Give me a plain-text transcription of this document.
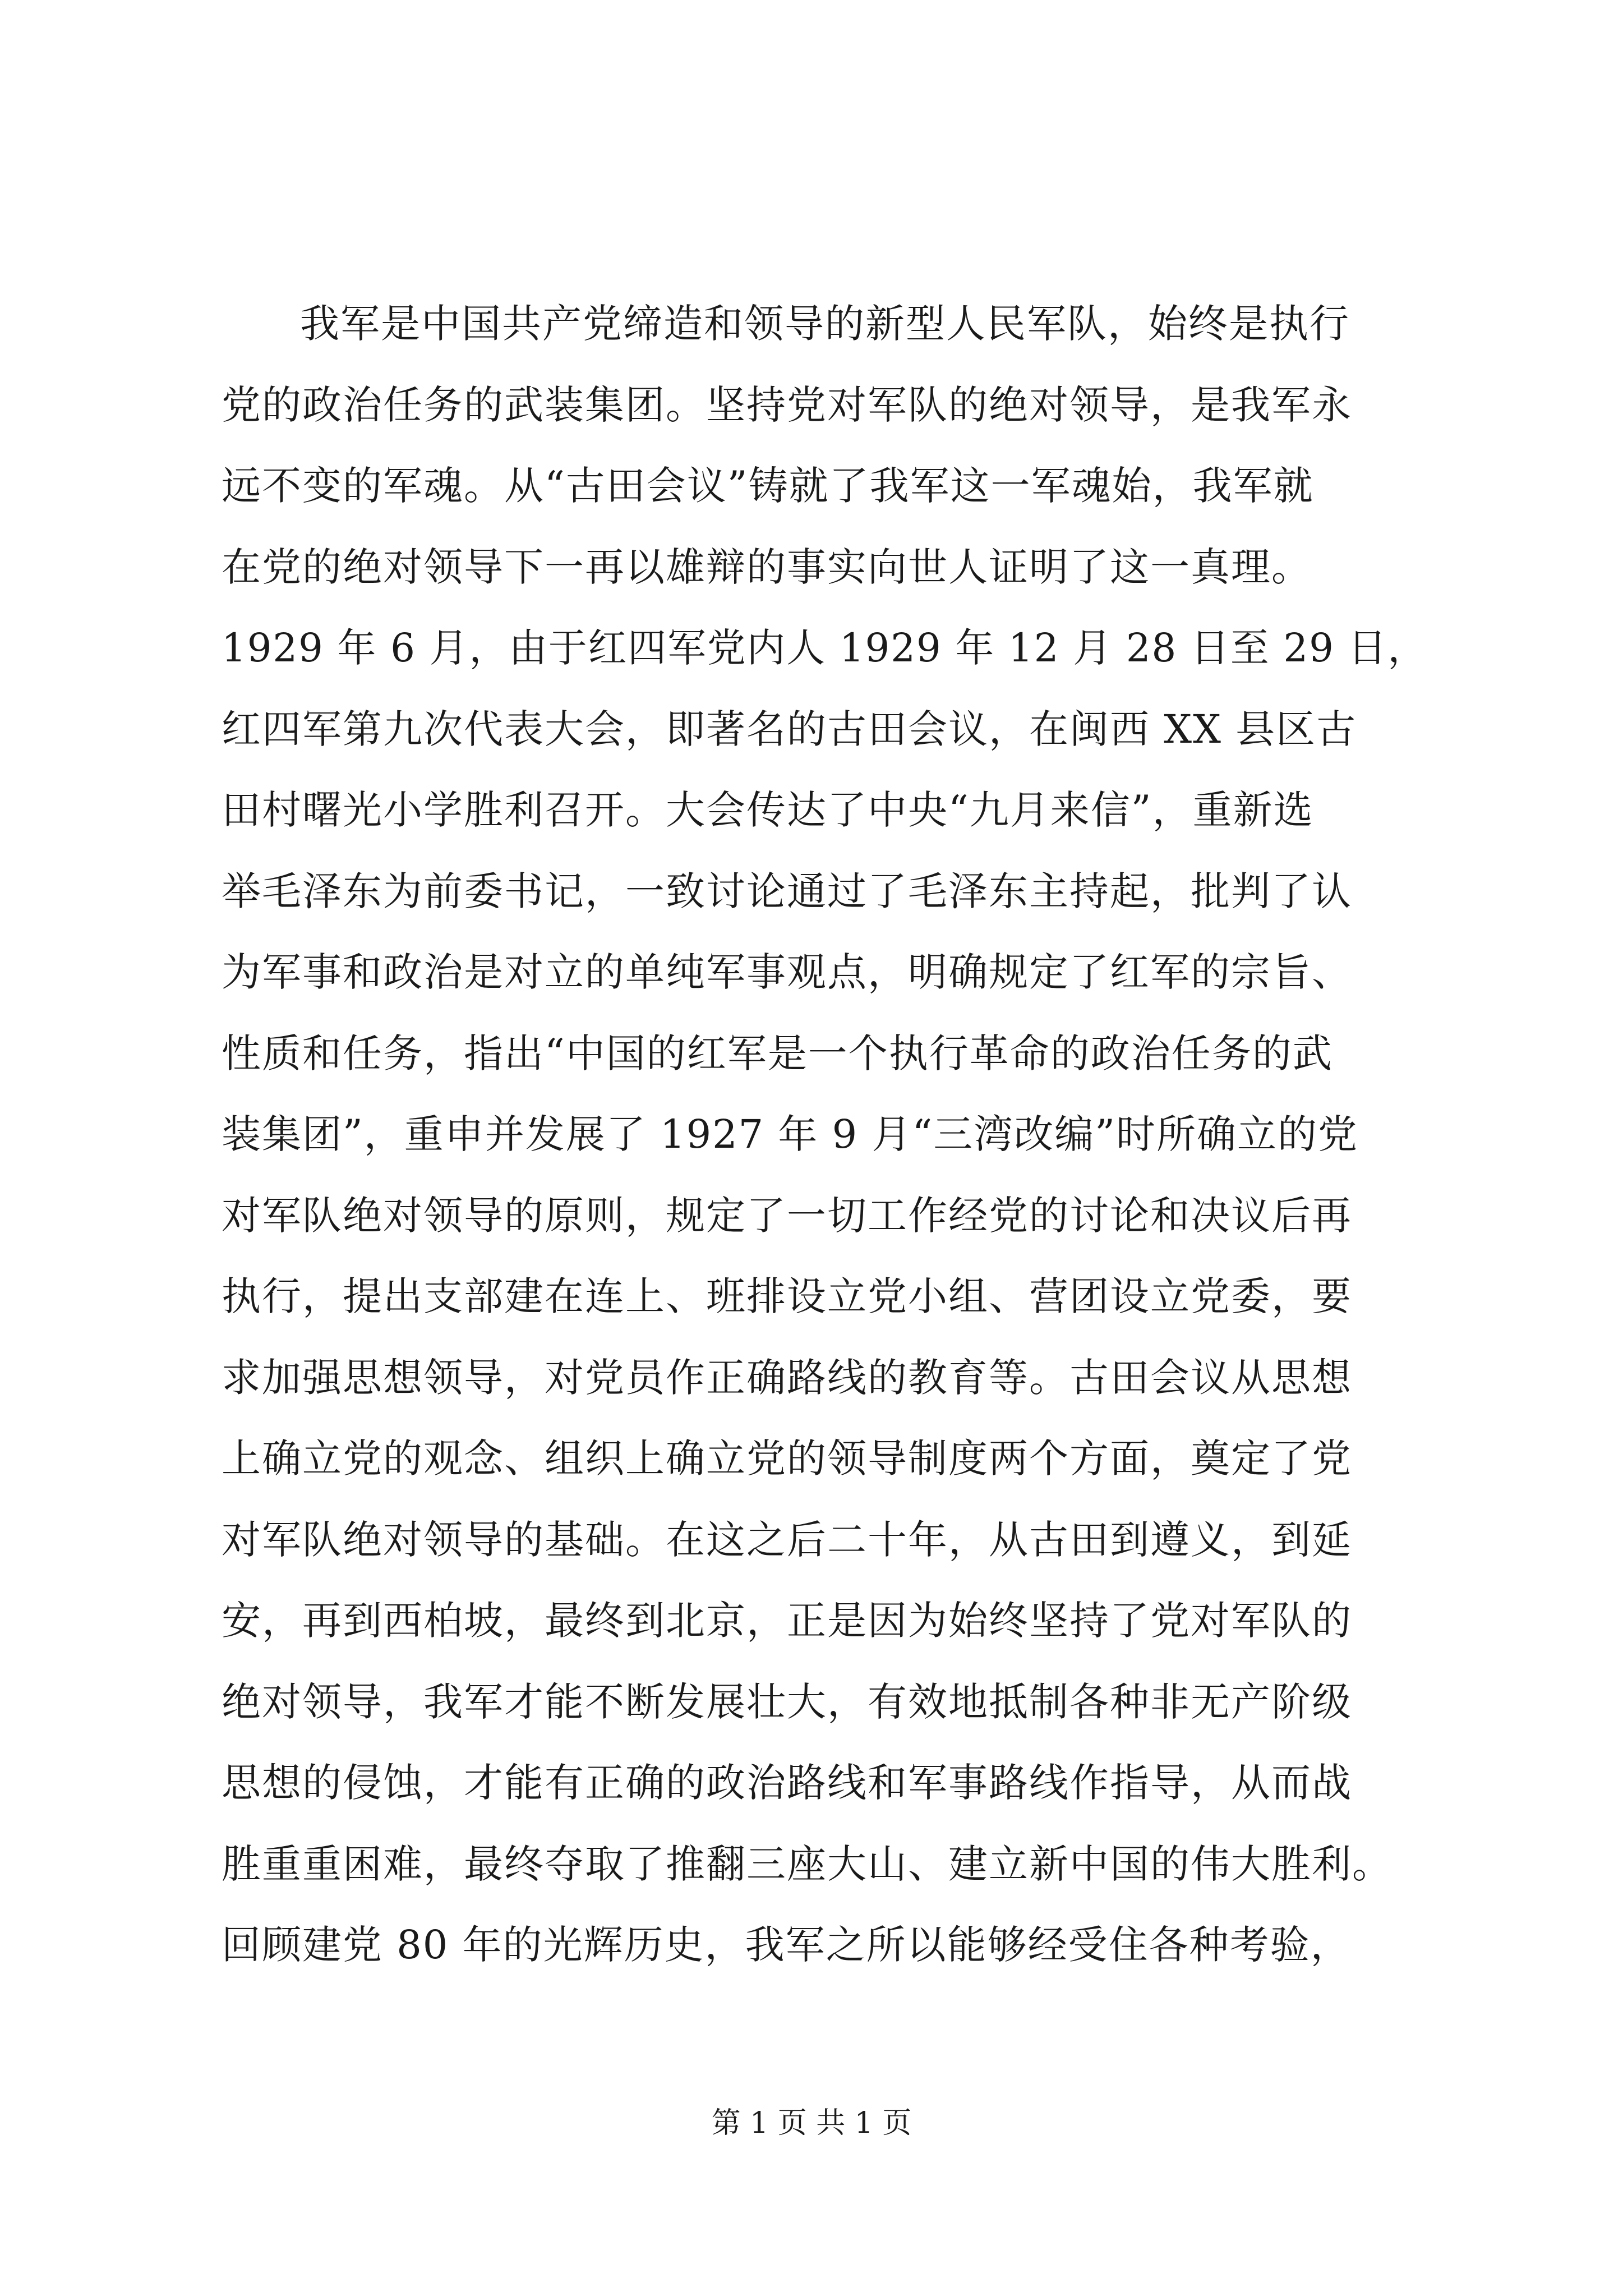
我军是中国共产党缔造和领导的新型人民军队，始终是执行
党的政治任务的武装集团。坚持党对军队的绝对领导，是我军永
远不变的军魂。从“古田会议”铸就了我军这一军魂始，我军就
在党的绝对领导下一再以雄辩的事实向世人证明了这一真理。
1929 年 6 月，由于红四军党内人 1929 年 12 月 28 日至 29 日，
红四军第九次代表大会，即著名的古田会议，在闽西 XX 县区古
田村曙光小学胜利召开。大会传达了中央“九月来信”，重新选
举毛泽东为前委书记，一致讨论通过了毛泽东主持起，批判了认
为军事和政治是对立的单纯军事观点，明确规定了红军的宗旨、
性质和任务，指出“中国的红军是一个执行革命的政治任务的武
装集团”，重申并发展了 1927 年 9 月“三湾改编”时所确立的党
对军队绝对领导的原则，规定了一切工作经党的讨论和决议后再
执行，提出支部建在连上、班排设立党小组、营团设立党委，要
求加强思想领导，对党员作正确路线的教育等。古田会议从思想
上确立党的观念、组织上确立党的领导制度两个方面，奠定了党
对军队绝对领导的基础。在这之后二十年，从古田到遵义，到延
安，再到西柏坡，最终到北京，正是因为始终坚持了党对军队的
绝对领导，我军才能不断发展壮大，有效地抵制各种非无产阶级
思想的侵蚀，才能有正确的政治路线和军事路线作指导，从而战
胜重重困难，最终夺取了推翻三座大山、建立新中国的伟大胜利。
回顾建党 80 年的光辉历史，我军之所以能够经受住各种考验，
第 1 页 共 1 页
